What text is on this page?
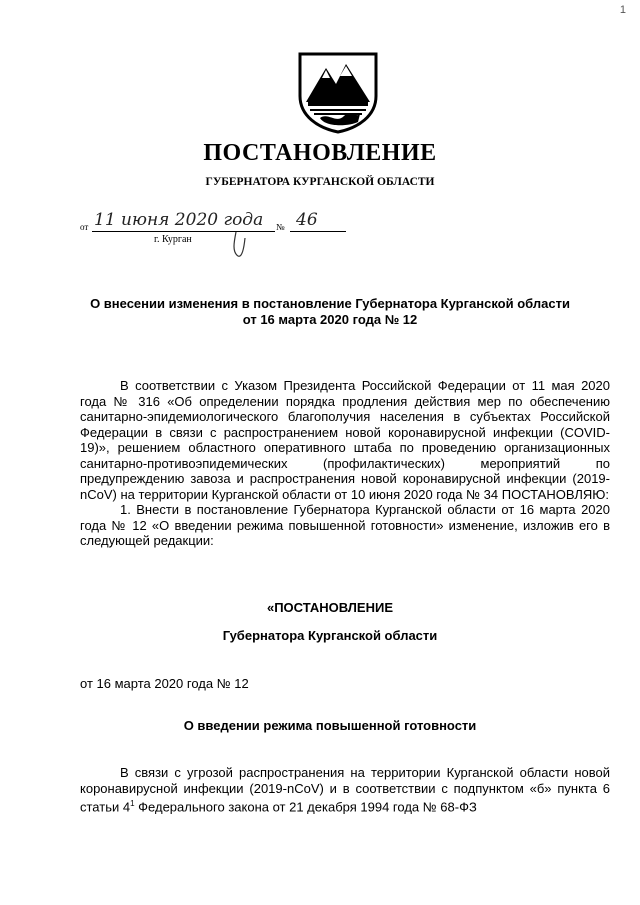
1
ПОСТАНОВЛЕНИЕ
ГУБЕРНАТОРА КУРГАНСКОЙ ОБЛАСТИ
от 11 июня 2020 года № 46
г. Курган
О внесении изменения в постановление Губернатора Курганской области
от 16 марта 2020 года № 12

В соответствии с Указом Президента Российской Федерации от 11 мая 2020 года № 316 «Об определении порядка продления действия мер по обеспечению санитарно-эпидемиологического благополучия населения в субъектах Российской Федерации в связи с распространением новой коронавирусной инфекции (COVID-19)», решением областного оперативного штаба по проведению организационных санитарно-противоэпидемических (профилактических) мероприятий по предупреждению завоза и распространения новой коронавирусной инфекции (2019-nCoV) на территории Курганской области от 10 июня 2020 года № 34 ПОСТАНОВЛЯЮ:

1. Внести в постановление Губернатора Курганской области от 16 марта 2020 года № 12 «О введении режима повышенной готовности» изменение, изложив его в следующей редакции:

«ПОСТАНОВЛЕНИЕ
Губернатора Курганской области
от 16 марта 2020 года № 12
О введении режима повышенной готовности

В связи с угрозой распространения на территории Курганской области новой коронавирусной инфекции (2019-nCoV) и в соответствии с подпунктом «б» пункта 6 статьи $4^1$ Федерального закона от 21 декабря 1994 года № 68-ФЗ
